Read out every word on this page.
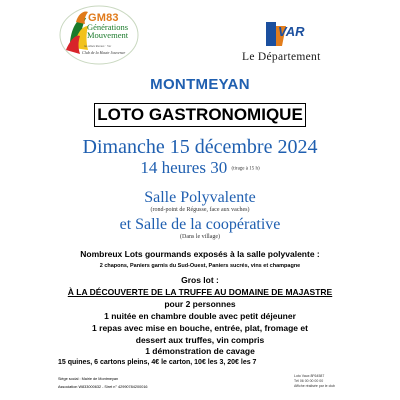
GM83
Générations
Mouvement
les Aînés Ruraux · Var
Club de la Haute Jouvence
VAR
Le Département
MONTMEYAN
LOTO GASTRONOMIQUE
Dimanche 15 décembre 2024
14 heures 30 (tirage à 15 h)
Salle Polyvalente
(rond-point de Régusse, face aux vaches)
et Salle de la coopérative
(Dans le village)
Nombreux Lots gourmands exposés à la salle polyvalente :
2 chapons, Paniers garnis du Sud-Ouest, Paniers sucrés, vins et champagne
Gros lot :
À LA DÉCOUVERTE DE LA TRUFFE AU DOMAINE DE MAJASTRE
pour 2 personnes
1 nuitée en chambre double avec petit déjeuner
1 repas avec mise en bouche, entrée, plat, fromage et
dessert aux truffes, vin compris
1 démonstration de cavage
15 quines, 6 cartons pleins, 4€ le carton, 10€ les 3, 20€ les 7
Siège social : Mairie de Montmeyan
Association W833000632 - Siret n° 42990784200016
Loto Vaux 8F64587
Tél 06 00 00 00 00
Affiche réalisée par le club
